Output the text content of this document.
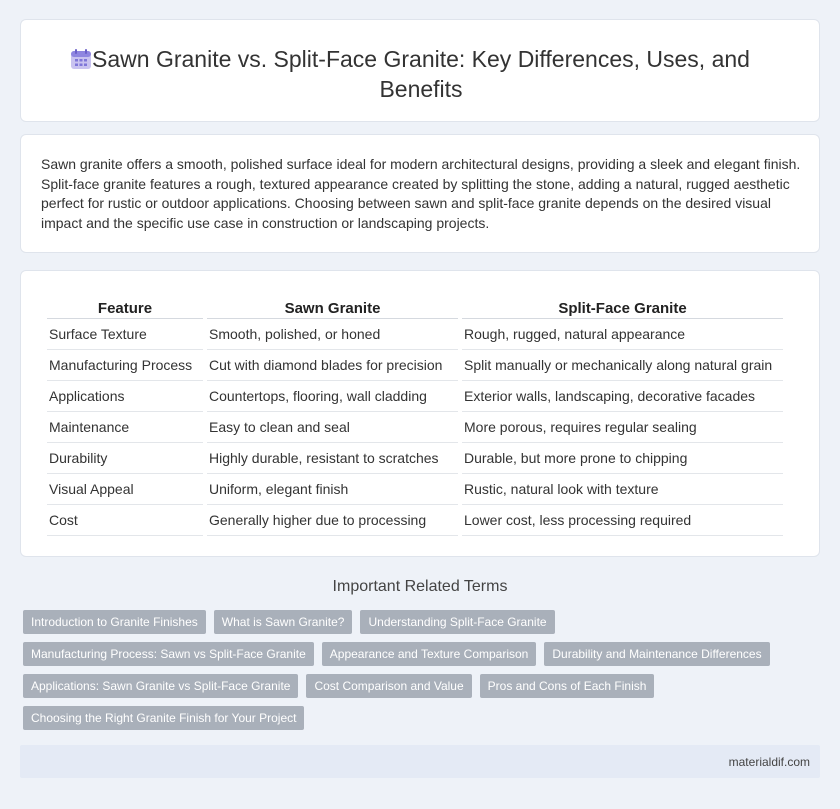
Sawn Granite vs. Split-Face Granite: Key Differences, Uses, and Benefits

Sawn granite offers a smooth, polished surface ideal for modern architectural designs, providing a sleek and elegant finish. Split-face granite features a rough, textured appearance created by splitting the stone, adding a natural, rugged aesthetic perfect for rustic or outdoor applications. Choosing between sawn and split-face granite depends on the desired visual impact and the specific use case in construction or landscaping projects.

Feature	Sawn Granite	Split-Face Granite
Surface Texture	Smooth, polished, or honed	Rough, rugged, natural appearance
Manufacturing Process	Cut with diamond blades for precision	Split manually or mechanically along natural grain
Applications	Countertops, flooring, wall cladding	Exterior walls, landscaping, decorative facades
Maintenance	Easy to clean and seal	More porous, requires regular sealing
Durability	Highly durable, resistant to scratches	Durable, but more prone to chipping
Visual Appeal	Uniform, elegant finish	Rustic, natural look with texture
Cost	Generally higher due to processing	Lower cost, less processing required
Important Related Terms
Introduction to Granite Finishes	What is Sawn Granite?	Understanding Split-Face Granite
Manufacturing Process: Sawn vs Split-Face Granite	Appearance and Texture Comparison	Durability and Maintenance Differences
Applications: Sawn Granite vs Split-Face Granite	Cost Comparison and Value	Pros and Cons of Each Finish
Choosing the Right Granite Finish for Your Project
materialdif.com
